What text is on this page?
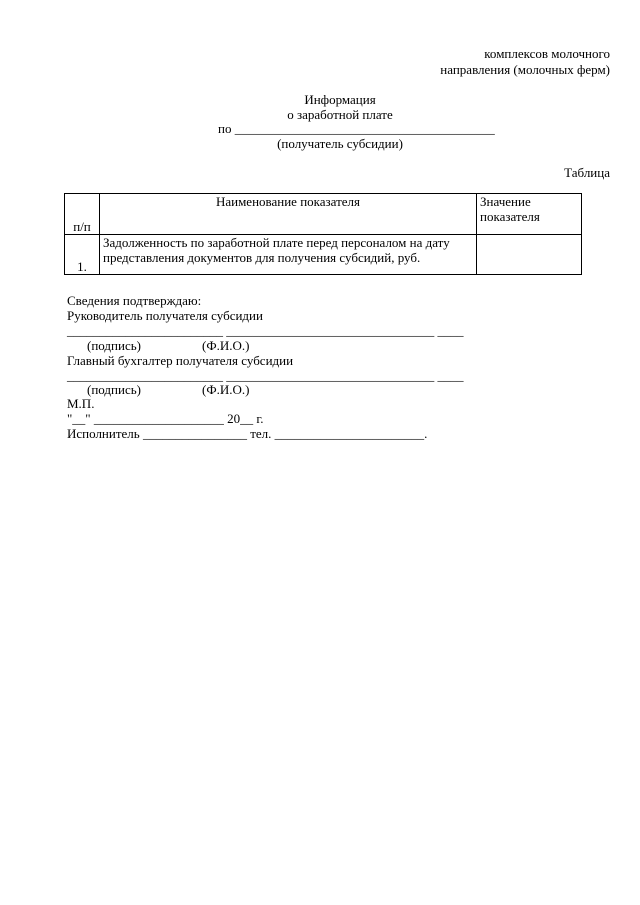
комплексов молочного
направления (молочных ферм)
Информация
о заработной плате
по ________________________________________
(получатель субсидии)
Таблица
п/п	Наименование показателя	Значение показателя
1.	Задолженность по заработной плате перед персоналом на дату представления документов для получения субсидий, руб.	
Сведения подтверждаю:
Руководитель получателя субсидии
________________________ ________________________________ ____
(подпись)	(Ф.И.О.)
Главный бухгалтер получателя субсидии
________________________ ________________________________ ____
(подпись)	(Ф.И.О.)
М.П.
"__" ____________________ 20__ г.
Исполнитель ________________ тел. _______________________.
